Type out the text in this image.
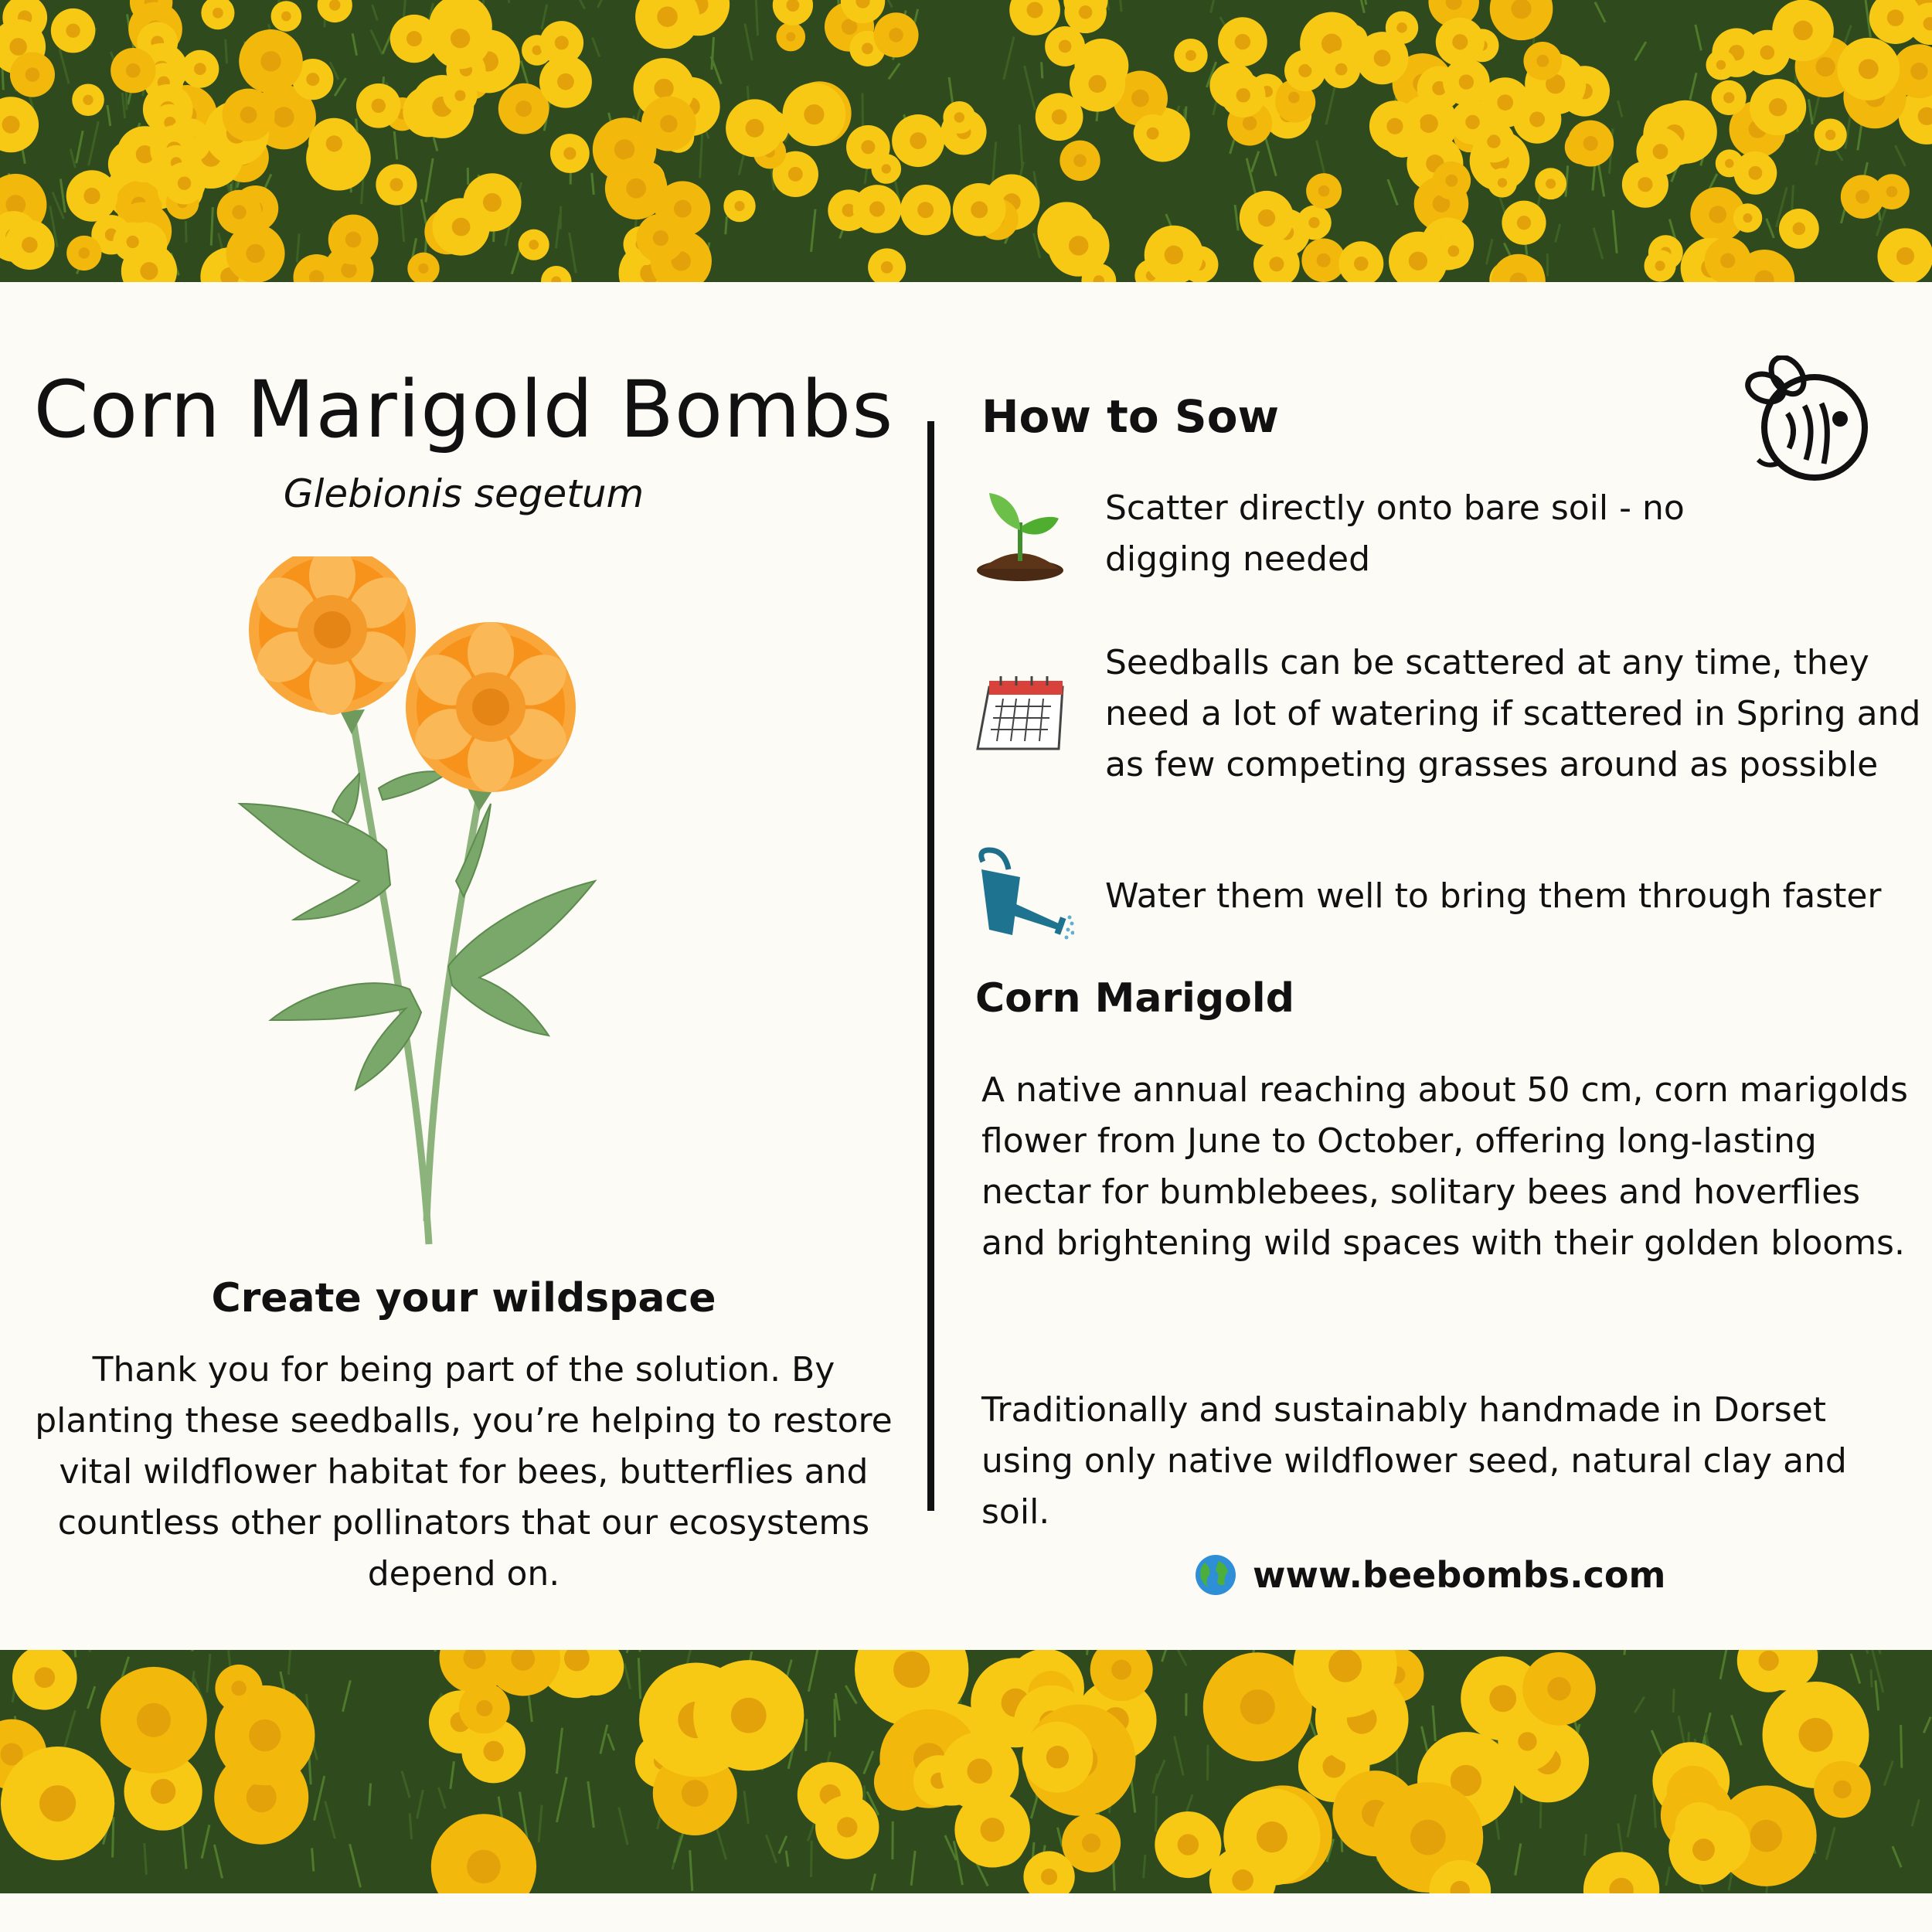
Corn Marigold Bombs
Glebionis segetum
Create your wildspace
Thank you for being part of the solution. By planting these seedballs, you’re helping to restore vital wildflower habitat for bees, butterflies and countless other pollinators that our ecosystems depend on.
How to Sow
Scatter directly onto bare soil - no digging needed
Seedballs can be scattered at any time, they need a lot of watering if scattered in Spring and as few competing grasses around as possible
Water them well to bring them through faster
Corn Marigold
A native annual reaching about 50 cm, corn marigolds flower from June to October, offering long-lasting nectar for bumblebees, solitary bees and hoverflies and brightening wild spaces with their golden blooms.
Traditionally and sustainably handmade in Dorset using only native wildflower seed, natural clay and soil.
www.beebombs.com
